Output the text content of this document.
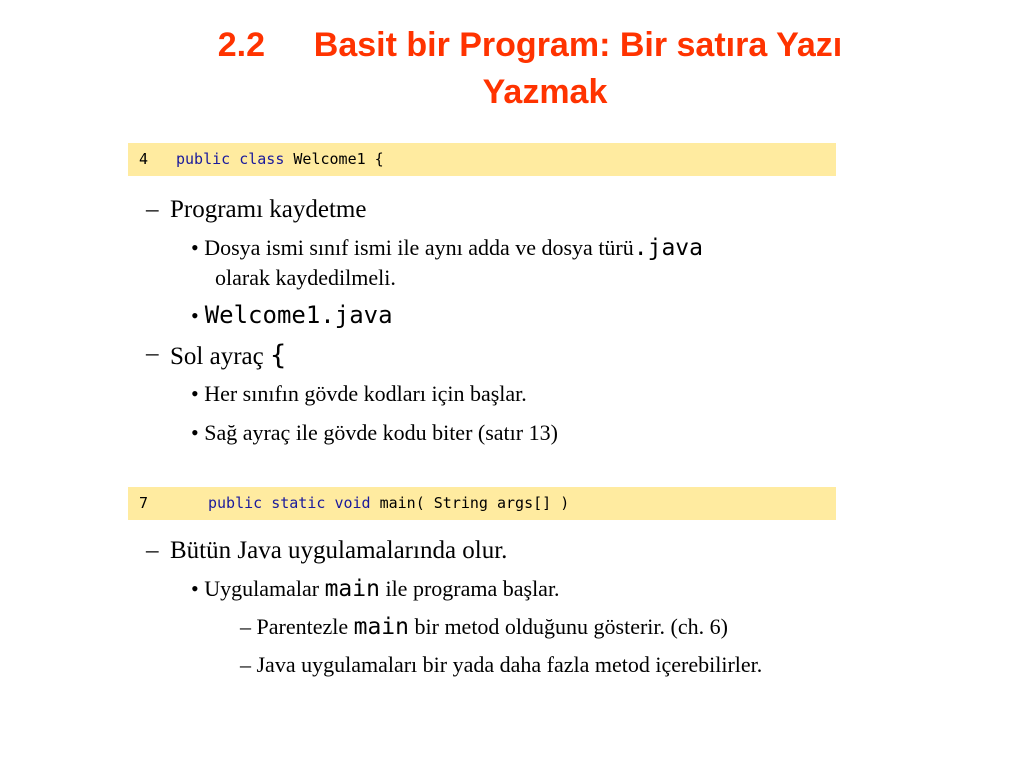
2.2 Basit bir Program: Bir satıra Yazı
Yazmak

4

public class Welcome1 {

– Programı kaydetme
• Dosya ismi sınıf ismi ile aynı adda ve dosya türü.java
olarak kaydedilmeli.
• Welcome1.java
– Sol ayraç {
• Her sınıfın gövde kodları için başlar.
• Sağ ayraç ile gövde kodu biter (satır 13)

7

	public static void main( String args[] )

– Bütün Java uygulamalarında olur.
• Uygulamalar main ile programa başlar.
– Parentezle main bir metod olduğunu gösterir. (ch. 6)
– Java uygulamaları bir yada daha fazla metod içerebilirler.
